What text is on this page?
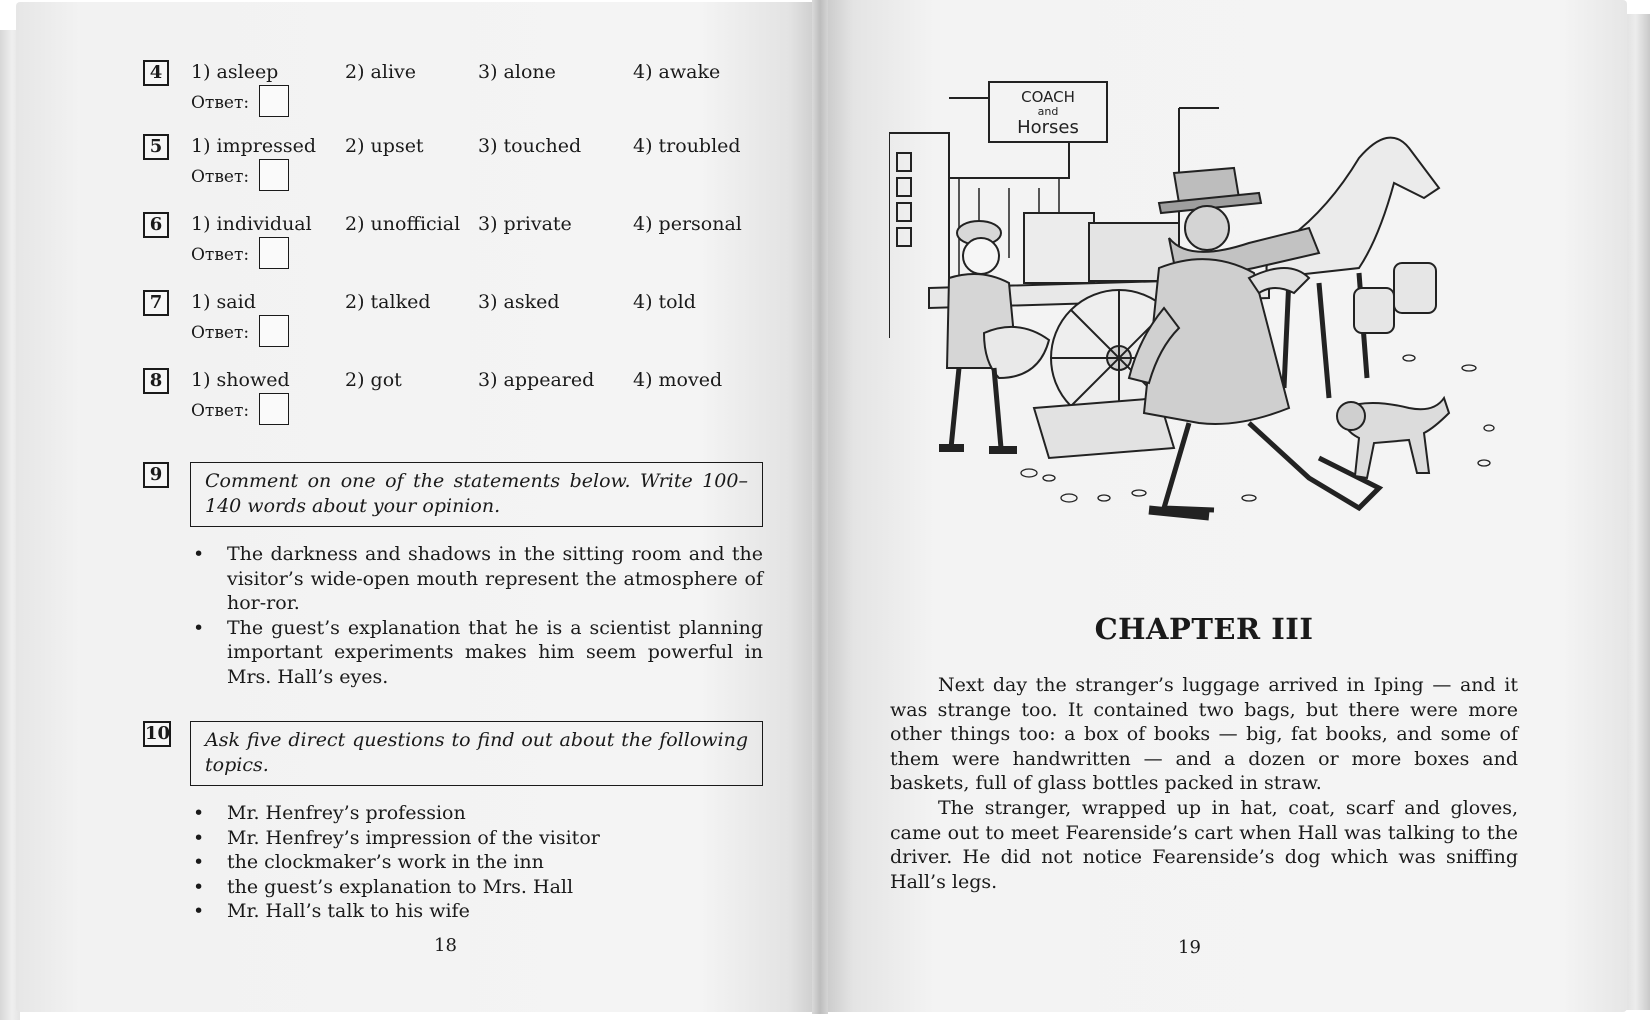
4	1) asleep	2) alive	3) alone	4) awake
Ответ:
5	1) impressed 2) upset	3) touched	4) troubled
Ответ:
6	1) individual 2) unofficial 3) private	4) personal
Ответ:
7	1) said	2) talked	3) asked	4) told
Ответ:
8	1) showed	2) got	3) appeared 4) moved
Ответ:
9	Comment on one of the statements below. Write 100–140 words about your opinion.
• The darkness and shadows in the sitting room and the visitor’s wide-open mouth represent the atmosphere of hor-ror.
• The guest’s explanation that he is a scientist planning important experiments makes him seem powerful in Mrs. Hall’s eyes.
10	Ask five direct questions to find out about the following topics.
• Mr. Henfrey’s profession
• Mr. Henfrey’s impression of the visitor
• the clockmaker’s work in the inn
• the guest’s explanation to Mrs. Hall
• Mr. Hall’s talk to his wife
18
COACH
and
Horses
CHAPTER III

Next day the stranger’s luggage arrived in Iping — and it was strange too. It contained two bags, but there were more other things too: a box of books — big, fat books, and some of them were handwritten — and a dozen or more boxes and baskets, full of glass bottles packed in straw.

The stranger, wrapped up in hat, coat, scarf and gloves, came out to meet Fearenside’s cart when Hall was talking to the driver. He did not notice Fearenside’s dog which was sniffing Hall’s legs.

19
